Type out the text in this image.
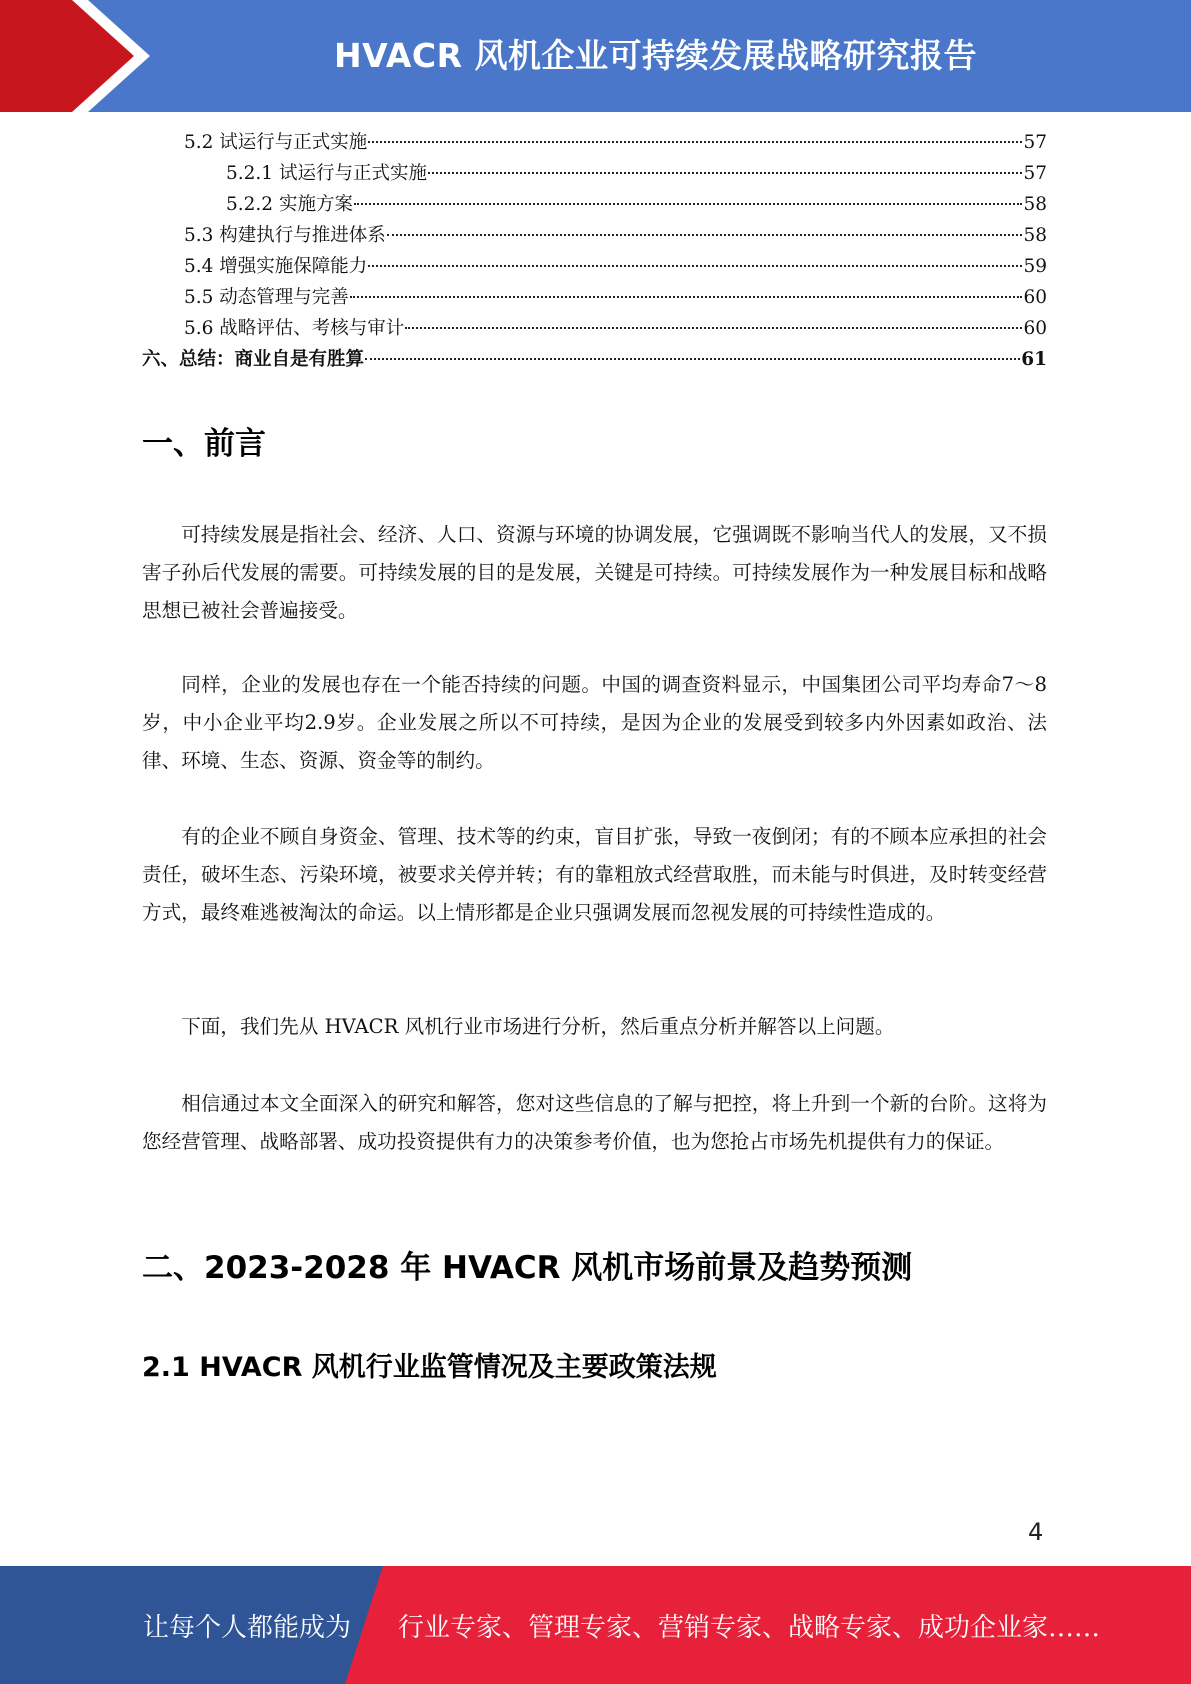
HVACR 风机企业可持续发展战略研究报告
5.2 试运行与正式实施	57
5.2.1 试运行与正式实施	57
5.2.2 实施方案	58
5.3 构建执行与推进体系	58
5.4 增强实施保障能力	59
5.5 动态管理与完善	60
5.6 战略评估、考核与审计	60
六、总结：商业自是有胜算	61
一、前言

可持续发展是指社会、经济、人口、资源与环境的协调发展，它强调既不影响当代人的发展，又不损害子孙后代发展的需要。可持续发展的目的是发展，关键是可持续。可持续发展作为一种发展目标和战略思想已被社会普遍接受。

同样，企业的发展也存在一个能否持续的问题。中国的调查资料显示，中国集团公司平均寿命7～8岁，中小企业平均2.9岁。企业发展之所以不可持续，是因为企业的发展受到较多内外因素如政治、法律、环境、生态、资源、资金等的制约。

有的企业不顾自身资金、管理、技术等的约束，盲目扩张，导致一夜倒闭；有的不顾本应承担的社会责任，破坏生态、污染环境，被要求关停并转；有的靠粗放式经营取胜，而未能与时俱进，及时转变经营方式，最终难逃被淘汰的命运。以上情形都是企业只强调发展而忽视发展的可持续性造成的。

下面，我们先从 HVACR 风机行业市场进行分析，然后重点分析并解答以上问题。

相信通过本文全面深入的研究和解答，您对这些信息的了解与把控，将上升到一个新的台阶。这将为您经营管理、战略部署、成功投资提供有力的决策参考价值，也为您抢占市场先机提供有力的保证。

二、2023-2028 年 HVACR 风机市场前景及趋势预测
2.1 HVACR 风机行业监管情况及主要政策法规
4
让每个人都能成为 行业专家、管理专家、营销专家、战略专家、成功企业家……
